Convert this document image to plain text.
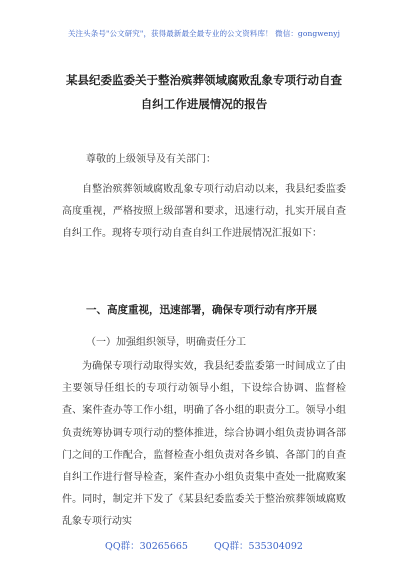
关注头条号"公文研究"，获得最新最全最专业的公文资料库！ 微信：gongwenyj
某县纪委监委关于整治殡葬领域腐败乱象专项行动自查自纠工作进展情况的报告
尊敬的上级领导及有关部门：

自整治殡葬领域腐败乱象专项行动启动以来，我县纪委监委高度重视，严格按照上级部署和要求，迅速行动，扎实开展自查自纠工作。现将专项行动自查自纠工作进展情况汇报如下：

一、高度重视，迅速部署，确保专项行动有序开展
（一）加强组织领导，明确责任分工

为确保专项行动取得实效，我县纪委监委第一时间成立了由主要领导任组长的专项行动领导小组，下设综合协调、监督检查、案件查办等工作小组，明确了各小组的职责分工。领导小组负责统筹协调专项行动的整体推进，综合协调小组负责协调各部门之间的工作配合，监督检查小组负责对各乡镇、各部门的自查自纠工作进行督导检查，案件查办小组负责集中查处一批腐败案件。同时，制定并下发了《某县纪委监委关于整治殡葬领域腐败乱象专项行动实

QQ群：30265665	QQ群：535304092
